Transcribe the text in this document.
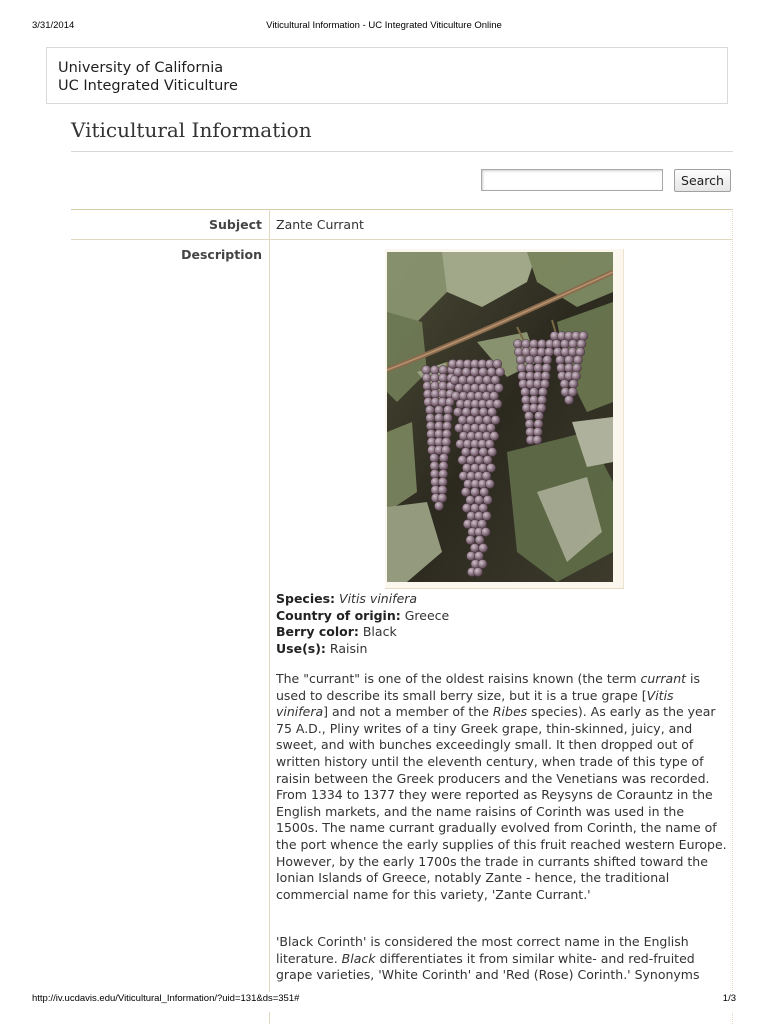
3/31/2014	Viticultural Information - UC Integrated Viticulture Online
University of California
UC Integrated Viticulture
Viticultural Information
Search
Subject Zante Currant
Description
Species: Vitis vinifera
Country of origin: Greece
Berry color: Black
Use(s): Raisin
The "currant" is one of the oldest raisins known (the term currant is used to describe its small berry size, but it is a true grape [Vitis vinifera] and not a member of the Ribes species). As early as the year 75 A.D., Pliny writes of a tiny Greek grape, thin-skinned, juicy, and sweet, and with bunches exceedingly small. It then dropped out of written history until the eleventh century, when trade of this type of raisin between the Greek producers and the Venetians was recorded. From 1334 to 1377 they were reported as Reysyns de Corauntz in the English markets, and the name raisins of Corinth was used in the 1500s. The name currant gradually evolved from Corinth, the name of the port whence the early supplies of this fruit reached western Europe. However, by the early 1700s the trade in currants shifted toward the Ionian Islands of Greece, notably Zante - hence, the traditional commercial name for this variety, 'Zante Currant.'
'Black Corinth' is considered the most correct name in the English literature. Black differentiates it from similar white- and red-fruited grape varieties, 'White Corinth' and 'Red (Rose) Corinth.' Synonyms
http://iv.ucdavis.edu/Viticultural_Information/?uid=131&ds=351#	1/3
